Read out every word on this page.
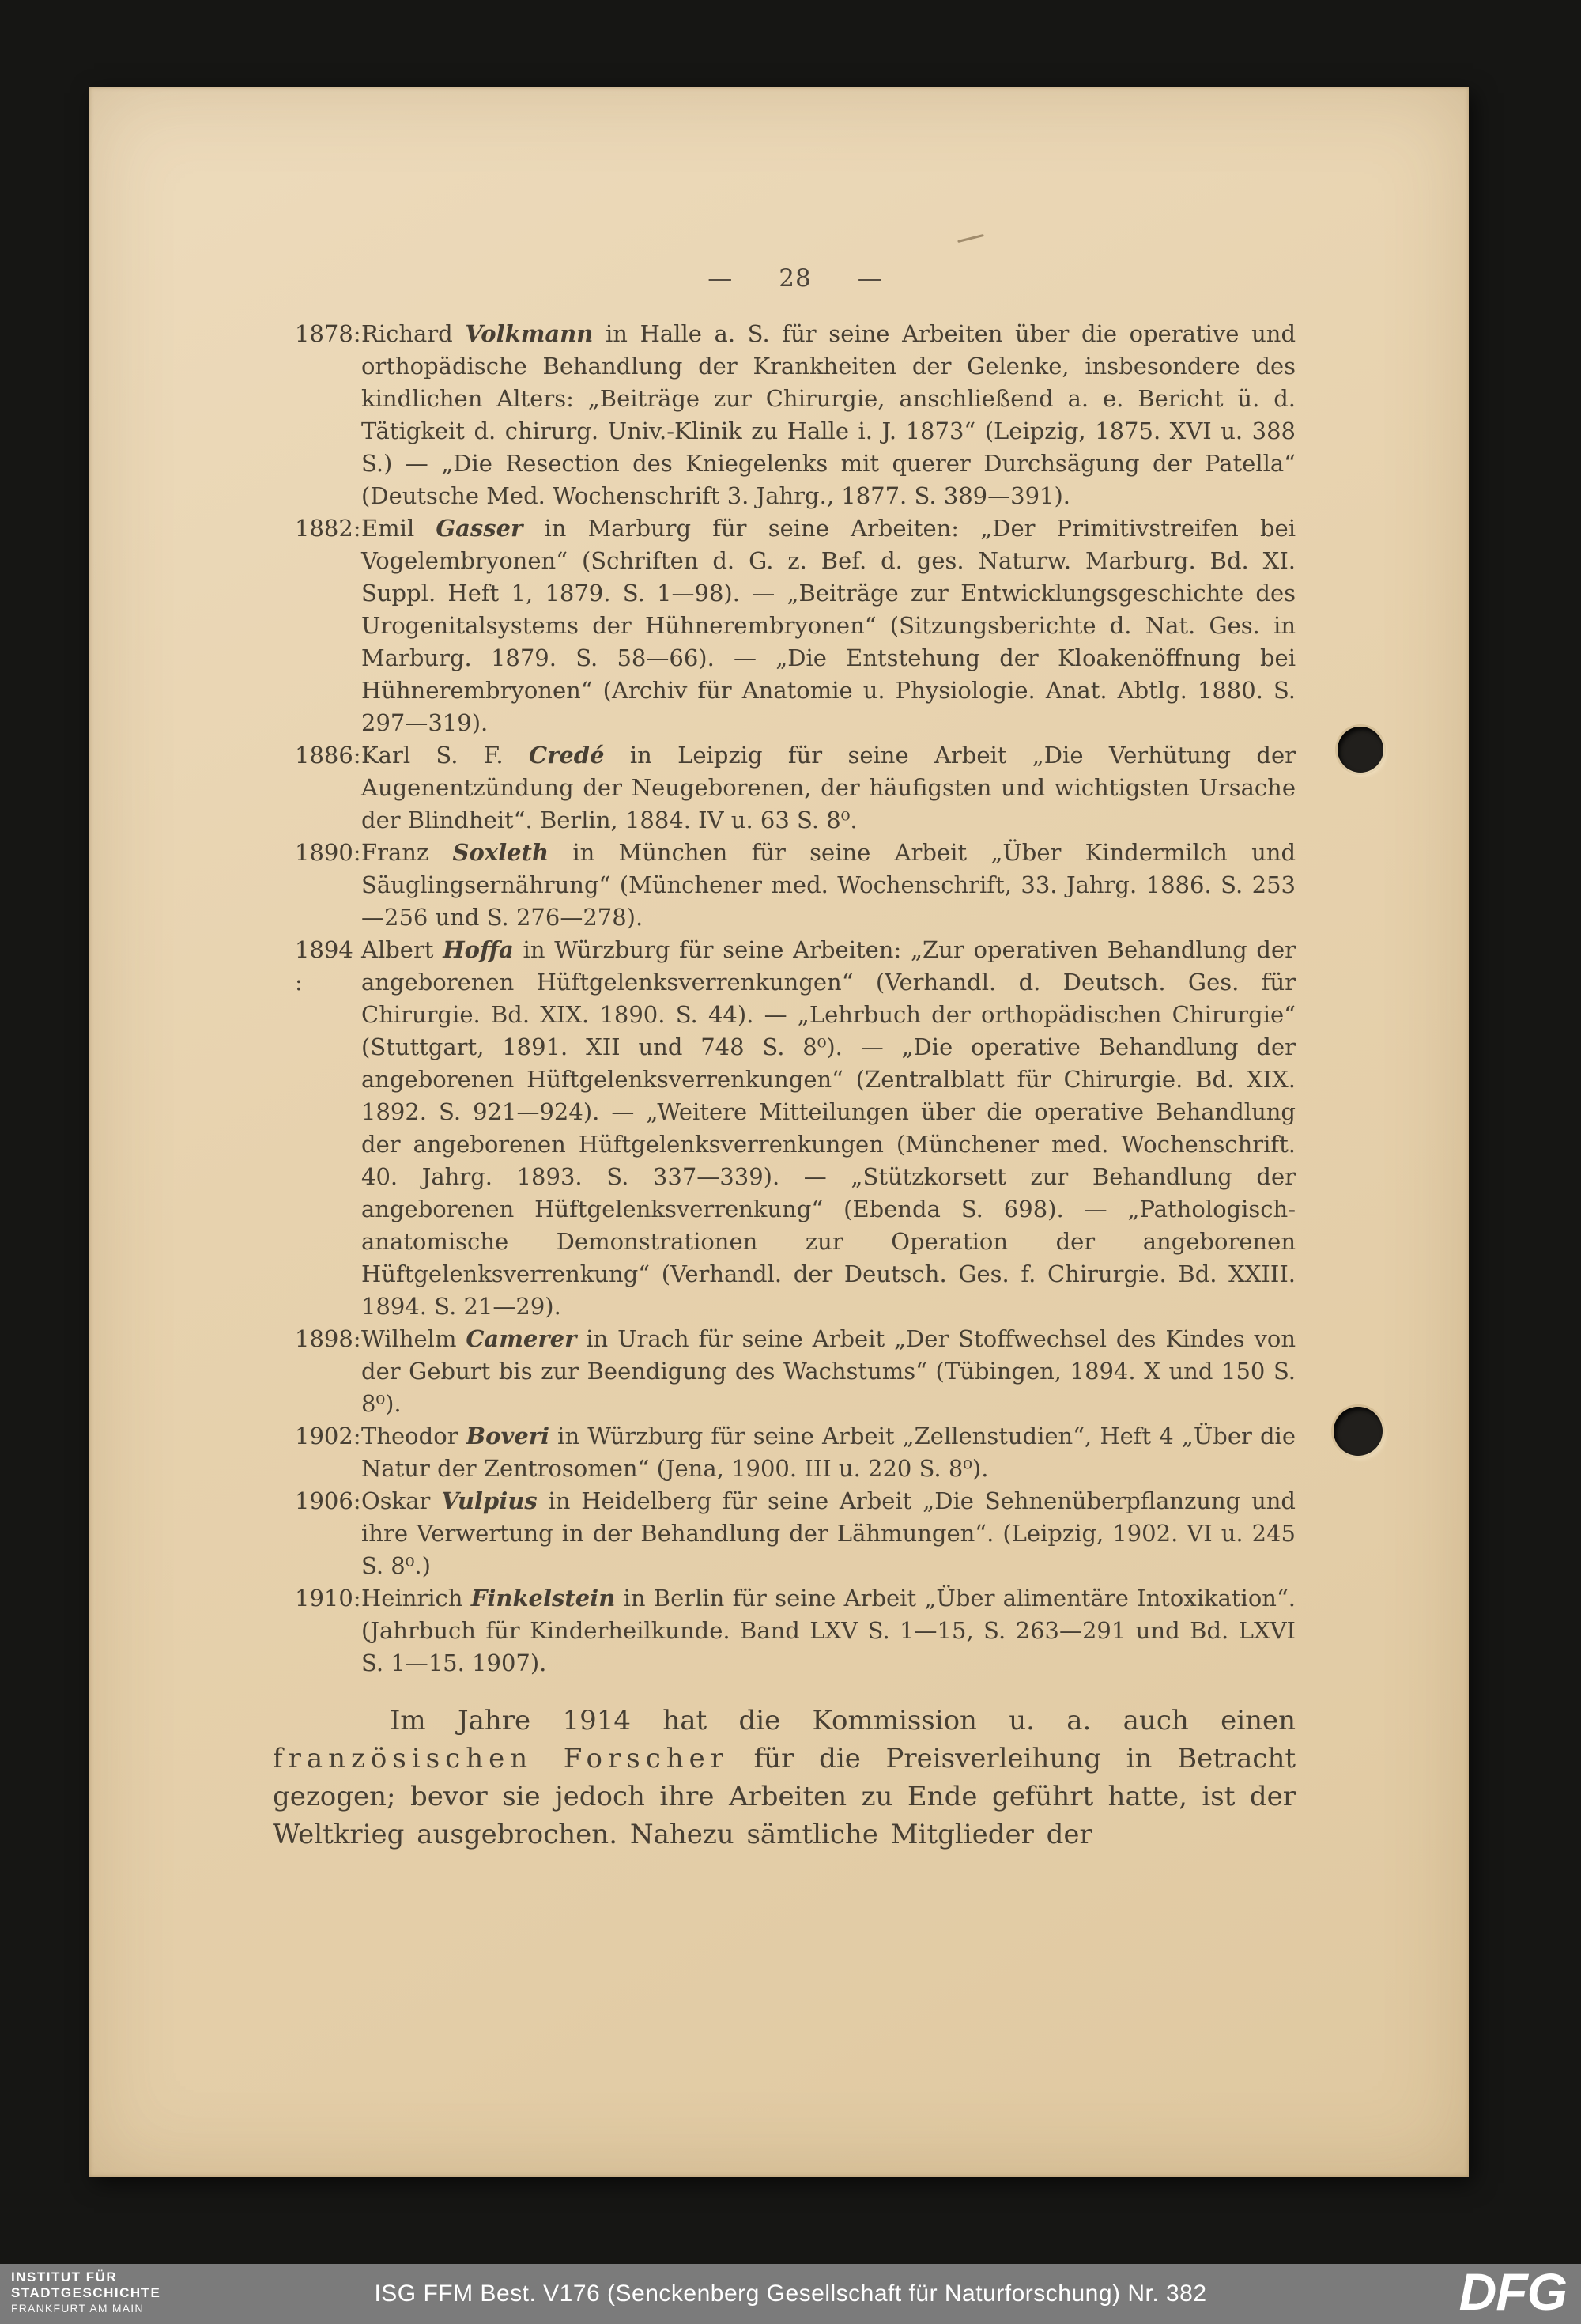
— 28 —
1878: Richard Volkmann in Halle a. S. für seine Arbeiten über die operative und orthopädische Behandlung der Krankheiten der Gelenke, insbesondere des kindlichen Alters: „Beiträge zur Chirurgie, anschließend a. e. Bericht ü. d. Tätigkeit d. chirurg. Univ.-Klinik zu Halle i. J. 1873“ (Leipzig, 1875. XVI u. 388 S.) — „Die Resection des Kniegelenks mit querer Durchsägung der Patella“ (Deutsche Med. Wochenschrift 3. Jahrg., 1877. S. 389—391).
1882: Emil Gasser in Marburg für seine Arbeiten: „Der Primitivstreifen bei Vogelembryonen“ (Schriften d. G. z. Bef. d. ges. Naturw. Marburg. Bd. XI. Suppl. Heft 1, 1879. S. 1—98). — „Beiträge zur Entwicklungsgeschichte des Urogenitalsystems der Hühnerembryonen“ (Sitzungsberichte d. Nat. Ges. in Marburg. 1879. S. 58—66). — „Die Entstehung der Kloakenöffnung bei Hühnerembryonen“ (Archiv für Anatomie u. Physiologie. Anat. Abtlg. 1880. S. 297—319).
1886: Karl S. F. Credé in Leipzig für seine Arbeit „Die Verhütung der Augenentzündung der Neugeborenen, der häufigsten und wichtigsten Ursache der Blindheit“. Berlin, 1884. IV u. 63 S. 8⁰.
1890: Franz Soxleth in München für seine Arbeit „Über Kindermilch und Säuglingsernährung“ (Münchener med. Wochenschrift, 33. Jahrg. 1886. S. 253—256 und S. 276—278).
1894 :
Albert Hoffa in Würzburg für seine Arbeiten: „Zur operativen Behandlung der angeborenen Hüftgelenksverrenkungen“ (Verhandl. d. Deutsch. Ges. für Chirurgie. Bd. XIX. 1890. S. 44). — „Lehrbuch der orthopädischen Chirurgie“ (Stuttgart, 1891. XII und 748 S. 8⁰). — „Die operative Behandlung der angeborenen Hüftgelenksverrenkungen“ (Zentralblatt für Chirurgie. Bd. XIX. 1892. S. 921—924). — „Weitere Mitteilungen über die operative Behandlung der angeborenen Hüftgelenksverrenkungen (Münchener med. Wochenschrift. 40. Jahrg. 1893. S. 337—339). — „Stützkorsett zur Behandlung der angeborenen Hüftgelenksverrenkung“ (Ebenda S. 698). — „Pathologisch-anatomische Demonstrationen zur Operation der angeborenen Hüftgelenksverrenkung“ (Verhandl. der Deutsch. Ges. f. Chirurgie. Bd. XXIII. 1894. S. 21—29).
1898: Wilhelm Camerer in Urach für seine Arbeit „Der Stoffwechsel des Kindes von der Geburt bis zur Beendigung des Wachstums“ (Tübingen, 1894. X und 150 S. 8⁰).
1902: Theodor Boveri in Würzburg für seine Arbeit „Zellenstudien“, Heft 4 „Über die Natur der Zentrosomen“ (Jena, 1900. III u. 220 S. 8⁰).
1906: Oskar Vulpius in Heidelberg für seine Arbeit „Die Sehnenüberpflanzung und ihre Verwertung in der Behandlung der Lähmungen“. (Leipzig, 1902. VI u. 245 S. 8⁰.)
1910: Heinrich Finkelstein in Berlin für seine Arbeit „Über alimentäre Intoxikation“. (Jahrbuch für Kinderheilkunde. Band LXV S. 1—15, S. 263—291 und Bd. LXVI S. 1—15. 1907).

Im Jahre 1914 hat die Kommission u. a. auch einen französischen Forscher für die Preisverleihung in Betracht gezogen; bevor sie jedoch ihre Arbeiten zu Ende geführt hatte, ist der Weltkrieg ausgebrochen. Nahezu sämtliche Mitglieder der

INSTITUT FÜR
STADTGESCHICHTE
FRANKFURT AM MAIN
ISG FFM Best. V176 (Senckenberg Gesellschaft für Naturforschung) Nr. 382	DFG
